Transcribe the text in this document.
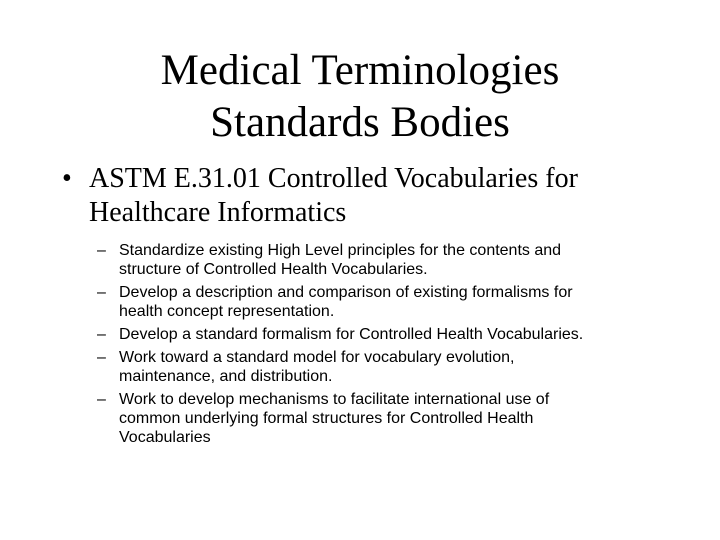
Medical Terminologies
Standards Bodies
• ASTM E.31.01 Controlled Vocabularies for
Healthcare Informatics
– Standardize existing High Level principles for the contents and
structure of Controlled Health Vocabularies.
– Develop a description and comparison of existing formalisms for
health concept representation.
– Develop a standard formalism for Controlled Health Vocabularies.
– Work toward a standard model for vocabulary evolution,
maintenance, and distribution.
– Work to develop mechanisms to facilitate international use of
common underlying formal structures for Controlled Health
Vocabularies
